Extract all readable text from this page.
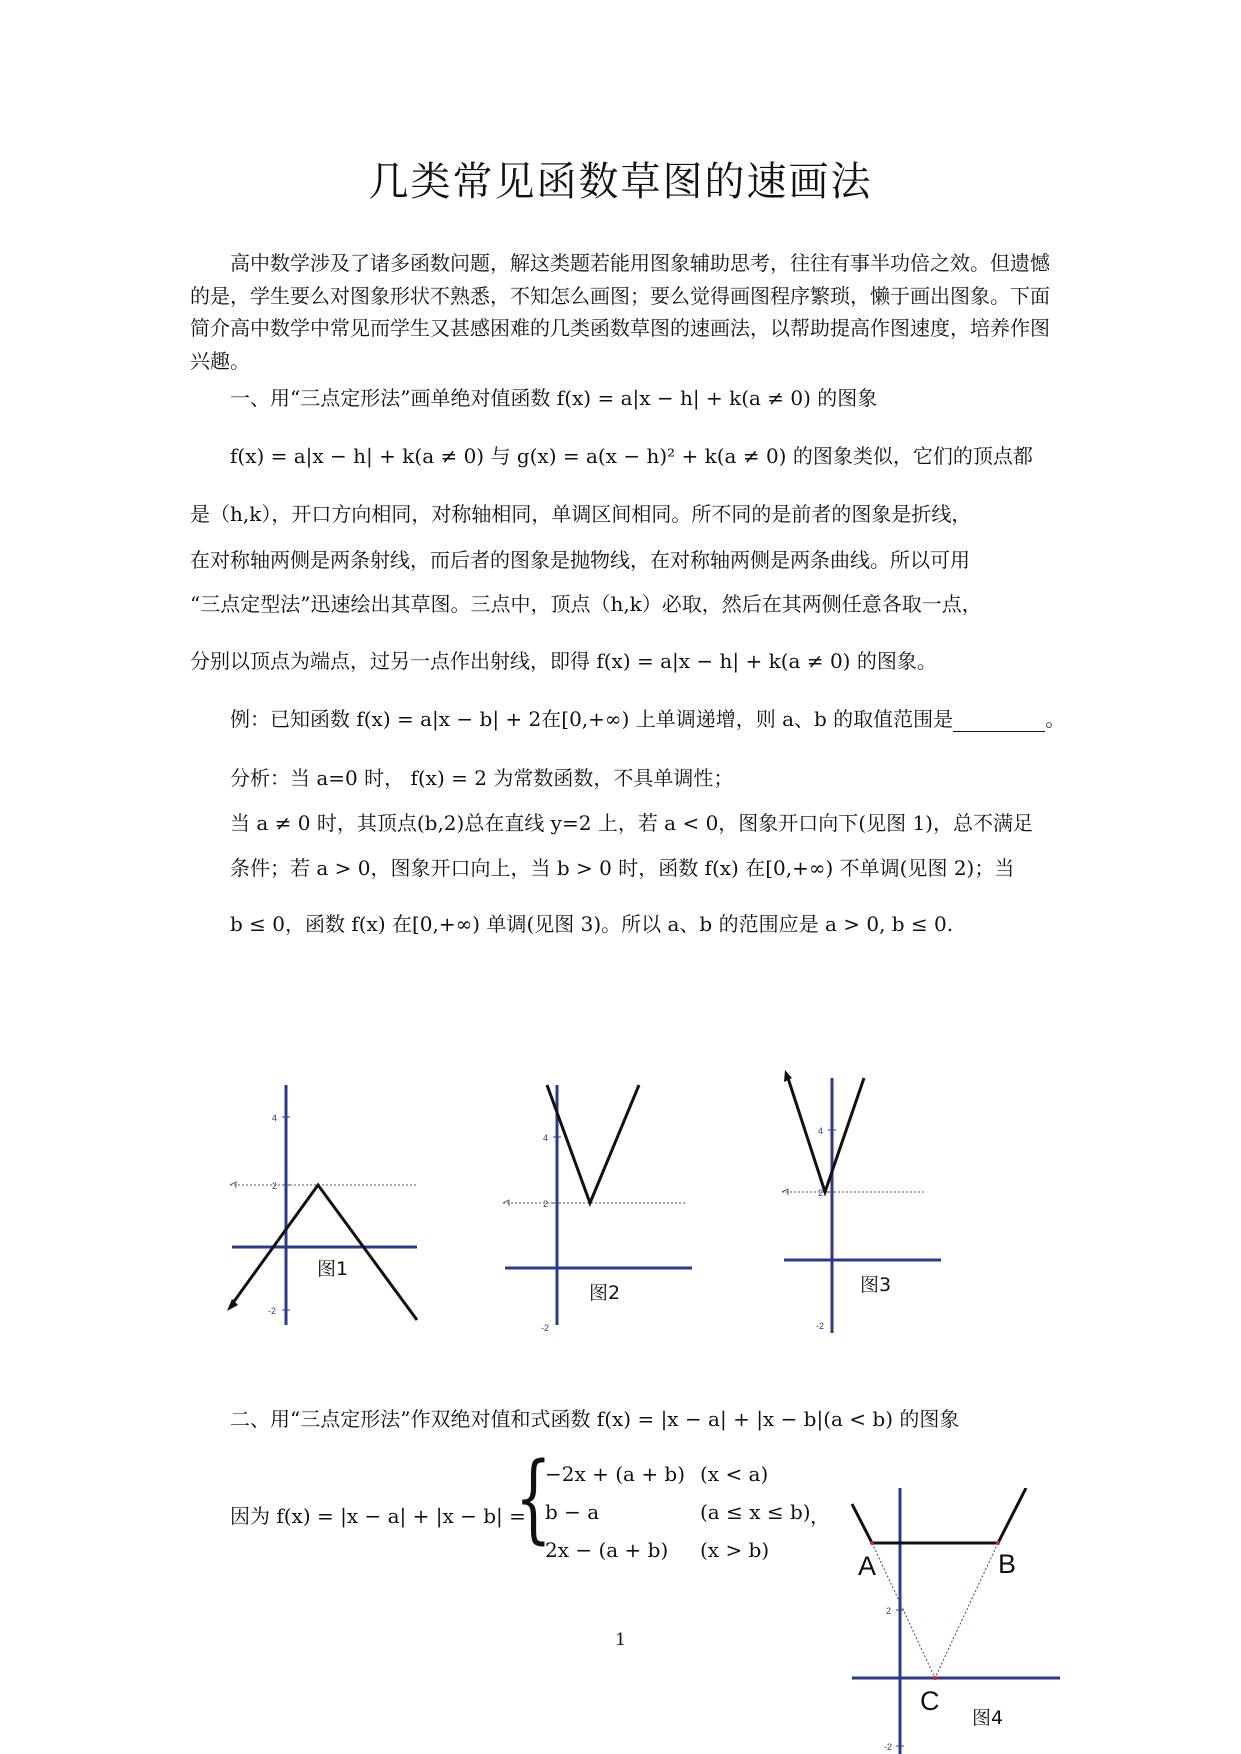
几类常见函数草图的速画法
高中数学涉及了诸多函数问题，解这类题若能用图象辅助思考，往往有事半功倍之效。但遗憾的是，学生要么对图象形状不熟悉，不知怎么画图；要么觉得画图程序繁琐，懒于画出图象。下面简介高中数学中常见而学生又甚感困难的几类函数草图的速画法，以帮助提高作图速度，培养作图兴趣。
一、用“三点定形法”画单绝对值函数 f(x) = a|x − h| + k(a ≠ 0) 的图象
f(x) = a|x − h| + k(a ≠ 0) 与 g(x) = a(x − h)² + k(a ≠ 0) 的图象类似，它们的顶点都
是（h,k），开口方向相同，对称轴相同，单调区间相同。所不同的是前者的图象是折线，
在对称轴两侧是两条射线，而后者的图象是抛物线，在对称轴两侧是两条曲线。所以可用
“三点定型法”迅速绘出其草图。三点中，顶点（h,k）必取，然后在其两侧任意各取一点，
分别以顶点为端点，过另一点作出射线，即得 f(x) = a|x − h| + k(a ≠ 0) 的图象。
例：已知函数 f(x) = a|x − b| + 2在[0,+∞) 上单调递增，则 a、b 的取值范围是	。
分析：当 a=0 时， f(x) = 2 为常数函数，不具单调性；
当 a ≠ 0 时，其顶点(b,2)总在直线 y=2 上，若 a < 0，图象开口向下(见图 1)，总不满足
条件；若 a > 0，图象开口向上，当 b > 0 时，函数 f(x) 在[0,+∞) 不单调(见图 2)；当
b ≤ 0，函数 f(x) 在[0,+∞) 单调(见图 3)。所以 a、b 的范围应是 a > 0, b ≤ 0.
4
2
-2
图1
4
2
-2
图2
4
2
-2
图3
二、用“三点定形法”作双绝对值和式函数 f(x) = |x − a| + |x − b|(a < b) 的图象
因为 f(x) = |x − a| + |x − b| =
{
−2x + (a + b) (x < a)
b − a	(a ≤ x ≤ b) ，
2x − (a + b) (x > b)
A	B
C
2
-2
图4
1
